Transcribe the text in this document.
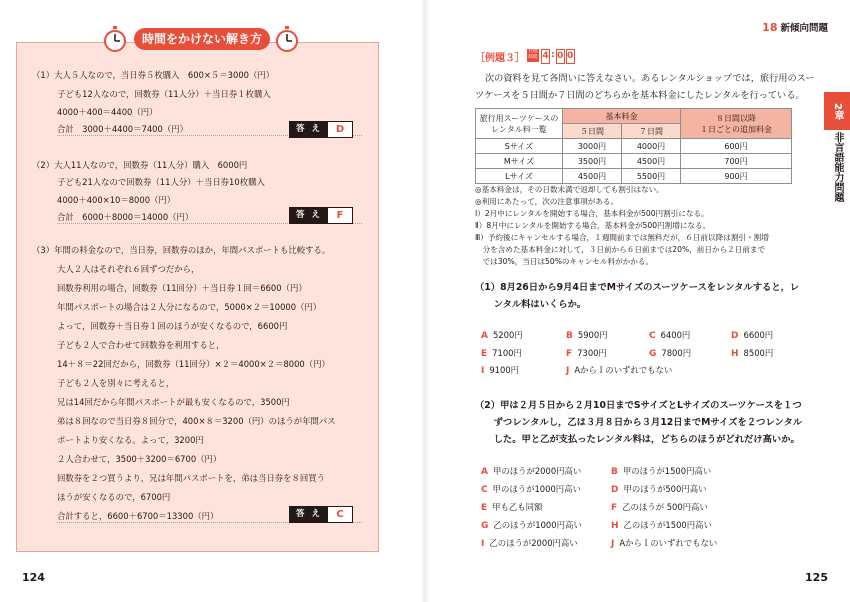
時間をかけない解き方
（1）大人５人なので，当日券５枚購入　600×５＝3000（円）
子ども12人なので，回数券（11人分）＋当日券１枚購入
4000＋400＝4400（円）
合計　3000＋4400＝7400（円）	答 え	D
（2）大人11人なので，回数券（11人分）購入　6000円
子ども21人なので回数券（11人分）＋当日券10枚購入
4000＋400×10＝8000（円）
合計　6000＋8000＝14000（円）	答 え	F
（3）年間の料金なので，当日券，回数券のほか，年間パスポートも比較する。
大人２人はそれぞれ６回ずつだから，
回数券利用の場合，回数券（11回分）＋当日券１回＝6600（円）
年間パスポートの場合は２人分になるので，5000×２＝10000（円）
よって，回数券＋当日券１回のほうが安くなるので，6600円
子ども２人で合わせて回数券を利用すると，
14＋８＝22回だから，回数券（11回分）×２＝4000×２＝8000（円）
子ども２人を別々に考えると，
兄は14回だから年間パスポートが最も安くなるので，3500円
弟は８回なので当日券８回分で，400×８＝3200（円）のほうが年間パス
ポートより安くなる。よって，3200円
２人合わせて，3500＋3200＝6700（円）
回数券を２つ買うより，兄は年間パスポートを，弟は当日券を８回買う
ほうが安くなるので，6700円
合計すると，6600＋6700＝13300（円）	答 え	C
124
18 新傾向問題
2章
非言語能力問題
［例題３］
目標時間 4 : 0 0
次の資料を見て各問いに答えなさい。あるレンタルショップでは，旅行用のスー
ツケースを５日間か７日間のどちらかを基本料金にしたレンタルを行っている。
旅行用スーツケースの
レンタル料一覧	基本料金		８日間以降
１日ごとの追加料金
	５日間	７日間	
Sサイズ	3000円	4000円	600円
Mサイズ	3500円	4500円	700円
Lサイズ	4500円	5500円	900円
◎基本料金は，その日数未満で返却しても割引はない。
◎利用にあたって，次の注意事項がある。
Ⅰ）2月中にレンタルを開始する場合，基本料金が500円割引になる。
Ⅱ）8月中にレンタルを開始する場合，基本料金が500円割増になる。
Ⅲ）予約後にキャンセルする場合，１週間前までは無料だが，６日前以降は割引・割増
　分を含めた基本料金に対して，３日前から６日前までは20%，前日から２日前まで
　では30%，当日は50%のキャンセル料がかかる。
（1）8月26日から9月4日までMサイズのスーツケースをレンタルすると，レ
　　ンタル料はいくらか。
A 5200円	B 5900円	C 6400円	D 6600円
E 7100円	F 7300円	G 7800円	H 8500円
I 9100円	J AからＩのいずれでもない
（2）甲は２月５日から２月10日までSサイズとLサイズのスーツケースを１つ
　　ずつレンタルし，乙は３月８日から３月12日までMサイズを２つレンタル
　　した。甲と乙が支払ったレンタル料は，どちらのほうがどれだけ高いか。
A 甲のほうが2000円高い	B 甲のほうが1500円高い
C 甲のほうが1000円高い	D 甲のほうが500円高い
E 甲も乙も同額	F 乙のほうが 500円高い
G 乙のほうが1000円高い	H 乙のほうが1500円高い
I 乙のほうが2000円高い	J AからＩのいずれでもない
125
